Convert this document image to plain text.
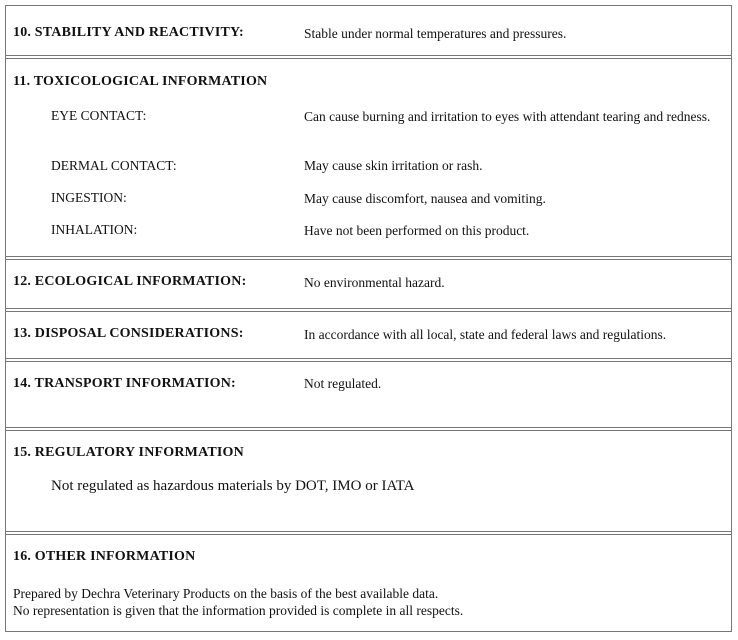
10. STABILITY AND REACTIVITY:	Stable under normal temperatures and pressures.
11. TOXICOLOGICAL INFORMATION
EYE CONTACT:	Can cause burning and irritation to eyes with attendant tearing and redness.
DERMAL CONTACT:	May cause skin irritation or rash.
INGESTION:	May cause discomfort, nausea and vomiting.
INHALATION:	Have not been performed on this product.
12. ECOLOGICAL INFORMATION:	No environmental hazard.
13. DISPOSAL CONSIDERATIONS:	In accordance with all local, state and federal laws and regulations.
14. TRANSPORT INFORMATION:	Not regulated.
15. REGULATORY INFORMATION
Not regulated as hazardous materials by DOT, IMO or IATA
16. OTHER INFORMATION
Prepared by Dechra Veterinary Products on the basis of the best available data.
No representation is given that the information provided is complete in all respects.
